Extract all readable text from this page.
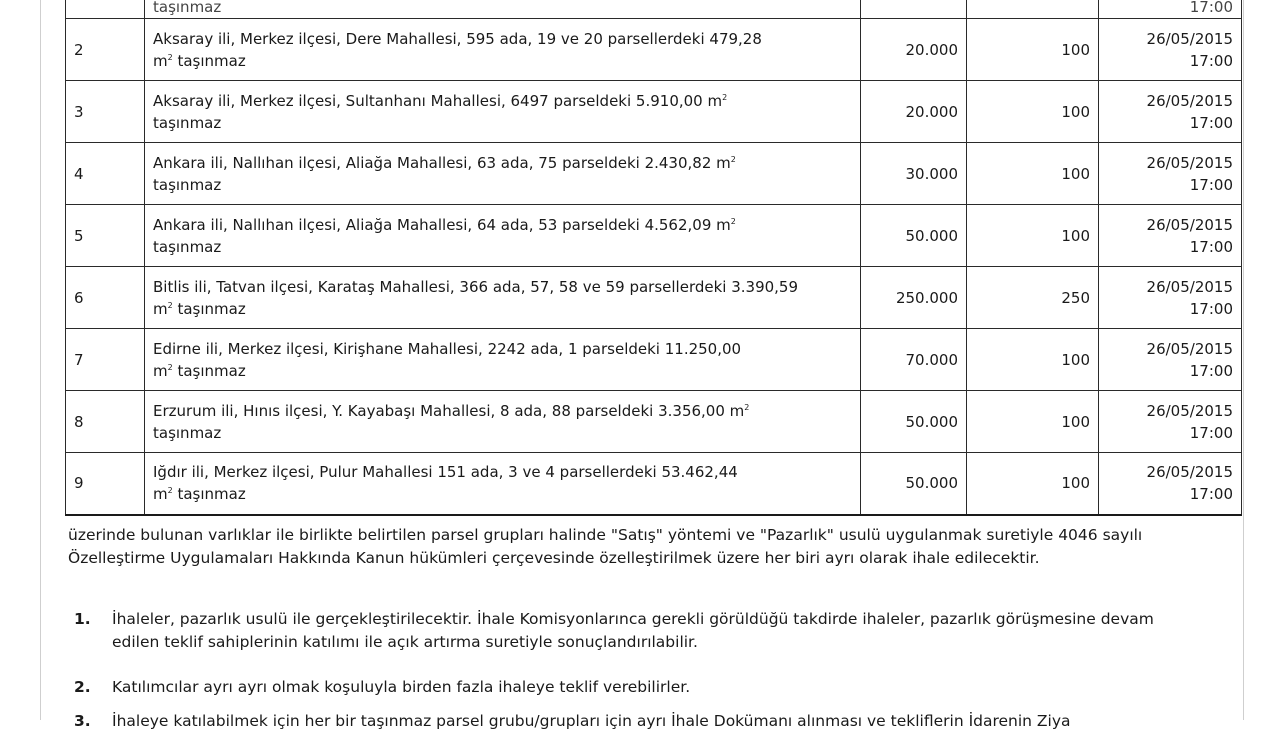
	taşınmaz			17:00
2	Aksaray ili, Merkez ilçesi, Dere Mahallesi, 595 ada, 19 ve 20 parsellerdeki 479,28
$m^2$ taşınmaz	20.000	100	26/05/2015
17:00
3	Aksaray ili, Merkez ilçesi, Sultanhanı Mahallesi, 6497 parseldeki 5.910,00 $m^2$
taşınmaz	20.000	100	26/05/2015
17:00
4	Ankara ili, Nallıhan ilçesi, Aliağa Mahallesi, 63 ada, 75 parseldeki 2.430,82 $m^2$
taşınmaz	30.000	100	26/05/2015
17:00
5	Ankara ili, Nallıhan ilçesi, Aliağa Mahallesi, 64 ada, 53 parseldeki 4.562,09 $m^2$
taşınmaz	50.000	100	26/05/2015
17:00
6	Bitlis ili, Tatvan ilçesi, Karataş Mahallesi, 366 ada, 57, 58 ve 59 parsellerdeki 3.390,59
$m^2$ taşınmaz	250.000	250	26/05/2015
17:00
7	Edirne ili, Merkez ilçesi, Kirişhane Mahallesi, 2242 ada, 1 parseldeki 11.250,00
$m^2$ taşınmaz	70.000	100	26/05/2015
17:00
8	Erzurum ili, Hınıs ilçesi, Y. Kayabaşı Mahallesi, 8 ada, 88 parseldeki 3.356,00 $m^2$
taşınmaz	50.000	100	26/05/2015
17:00
9	Iğdır ili, Merkez ilçesi, Pulur Mahallesi 151 ada, 3 ve 4 parsellerdeki 53.462,44
$m^2$ taşınmaz	50.000	100	26/05/2015
17:00

üzerinde bulunan varlıklar ile birlikte belirtilen parsel grupları halinde "Satış" yöntemi ve "Pazarlık" usulü uygulanmak suretiyle 4046 sayılı Özelleştirme Uygulamaları Hakkında Kanun hükümleri çerçevesinde özelleştirilmek üzere her biri ayrı olarak ihale edilecektir.

1. İhaleler, pazarlık usulü ile gerçekleştirilecektir. İhale Komisyonlarınca gerekli görüldüğü takdirde ihaleler, pazarlık görüşmesine devam edilen teklif sahiplerinin katılımı ile açık artırma suretiyle sonuçlandırılabilir.
2. Katılımcılar ayrı ayrı olmak koşuluyla birden fazla ihaleye teklif verebilirler.
3. İhaleye katılabilmek için her bir taşınmaz parsel grubu/grupları için ayrı İhale Dokümanı alınması ve tekliflerin İdarenin Ziya
